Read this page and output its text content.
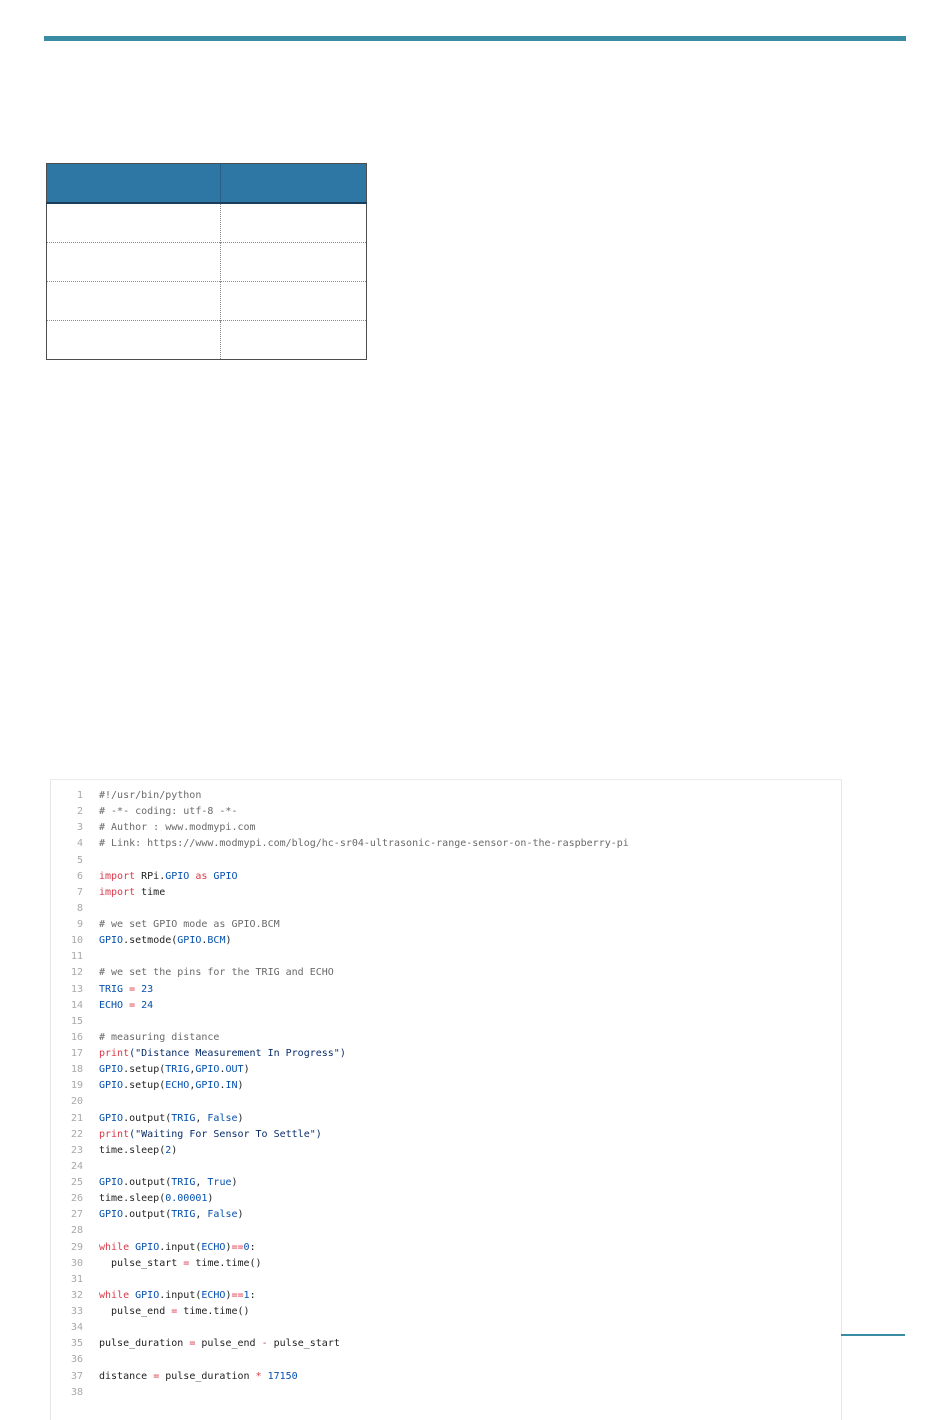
1 #!/usr/bin/python
2 # -*- coding: utf-8 -*-
3 # Author : www.modmypi.com
4 # Link: https://www.modmypi.com/blog/hc-sr04-ultrasonic-range-sensor-on-the-raspberry-pi
5
6 import RPi.GPIO as GPIO
7 import time
8
9 # we set GPIO mode as GPIO.BCM
10 GPIO.setmode(GPIO.BCM)
11
12 # we set the pins for the TRIG and ECHO
13 TRIG = 23
14 ECHO = 24
15
16 # measuring distance
17 print("Distance Measurement In Progress")
18 GPIO.setup(TRIG,GPIO.OUT)
19 GPIO.setup(ECHO,GPIO.IN)
20
21 GPIO.output(TRIG, False)
22 print("Waiting For Sensor To Settle")
23 time.sleep(2)
24
25 GPIO.output(TRIG, True)
26 time.sleep(0.00001)
27 GPIO.output(TRIG, False)
28
29 while GPIO.input(ECHO)==0:
30 pulse_start = time.time()
31
32 while GPIO.input(ECHO)==1:
33 pulse_end = time.time()
34
35 pulse_duration = pulse_end - pulse_start
36
37 distance = pulse_duration * 17150
38
